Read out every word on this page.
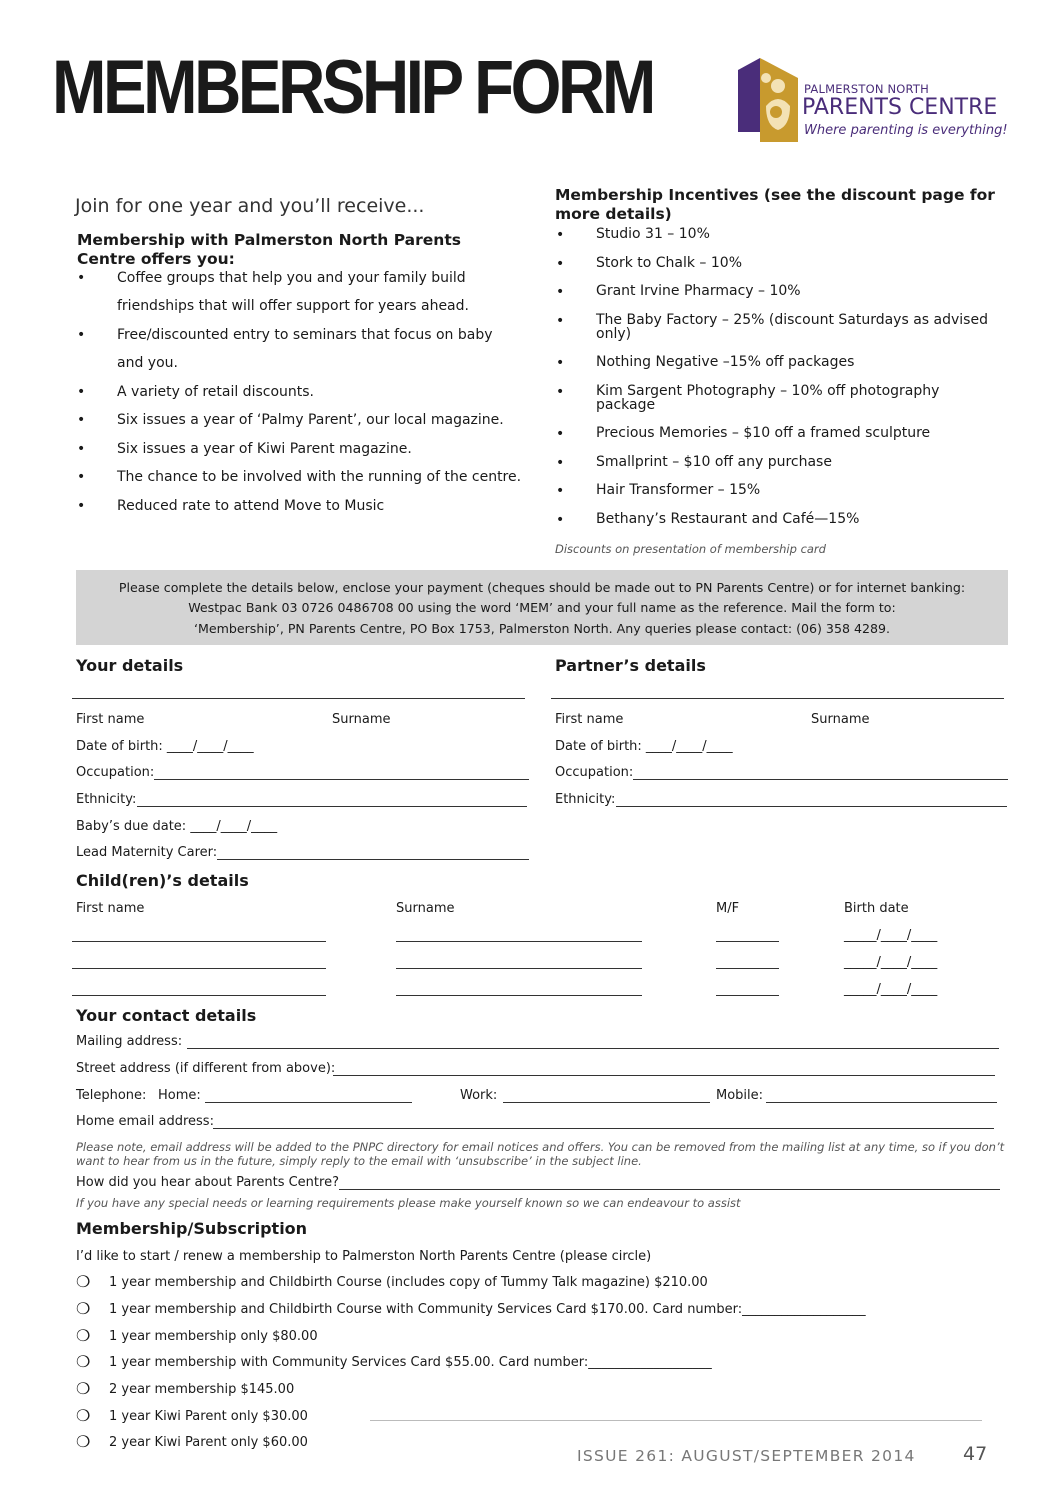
MEMBERSHIP FORM	PALMERSTON NORTH
PARENTS CENTRE
Where parenting is everything!
Join for one year and you’ll receive...
Membership with Palmerston North Parents Centre offers you:
• Coffee groups that help you and your family build
friendships that will offer support for years ahead.
• Free/discounted entry to seminars that focus on baby
and you.
• A variety of retail discounts.
• Six issues a year of ‘Palmy Parent’, our local magazine.
• Six issues a year of Kiwi Parent magazine.
• The chance to be involved with the running of the centre.
• Reduced rate to attend Move to Music
Membership Incentives (see the discount page for more details)
• Studio 31 – 10%
• Stork to Chalk – 10%
• Grant Irvine Pharmacy – 10%
• The Baby Factory – 25% (discount Saturdays as advised
only)
• Nothing Negative –15% off packages
• Kim Sargent Photography – 10% off photography
package
• Precious Memories – $10 off a framed sculpture
• Smallprint – $10 off any purchase
• Hair Transformer – 15%
• Bethany’s Restaurant and Café—15%
Discounts on presentation of membership card
Please complete the details below, enclose your payment (cheques should be made out to PN Parents Centre) or for internet banking:
Westpac Bank 03 0726 0486708 00 using the word ‘MEM’ and your full name as the reference. Mail the form to:
‘Membership’, PN Parents Centre, PO Box 1753, Palmerston North. Any queries please contact: (06) 358 4289.
Your details
First name	Surname
Date of birth: ____/____/____
Occupation:
Ethnicity:
Baby’s due date: ____/____/____
Lead Maternity Carer:
Partner’s details
First name	Surname
Date of birth: ____/____/____
Occupation:
Ethnicity:
Child(ren)’s details
First name	Surname	M/F	Birth date
_____/____/____
_____/____/____
_____/____/____
Your contact details
Mailing address:
Street address (if different from above):
Telephone: Home:	Work:	Mobile:
Home email address:
Please note, email address will be added to the PNPC directory for email notices and offers. You can be removed from the mailing list at any time, so if you don’t want to hear from us in the future, simply reply to the email with ‘unsubscribe’ in the subject line.
How did you hear about Parents Centre?
If you have any special needs or learning requirements please make yourself known so we can endeavour to assist
Membership/Subscription
I’d like to start / renew a membership to Palmerston North Parents Centre (please circle)
❍ 1 year membership and Childbirth Course (includes copy of Tummy Talk magazine) $210.00
❍ 1 year membership and Childbirth Course with Community Services Card $170.00. Card number:___________________
❍ 1 year membership only $80.00
❍ 1 year membership with Community Services Card $55.00. Card number:___________________
❍ 2 year membership $145.00
❍ 1 year Kiwi Parent only $30.00
❍ 2 year Kiwi Parent only $60.00
ISSUE 261: AUGUST/SEPTEMBER 2014 47
